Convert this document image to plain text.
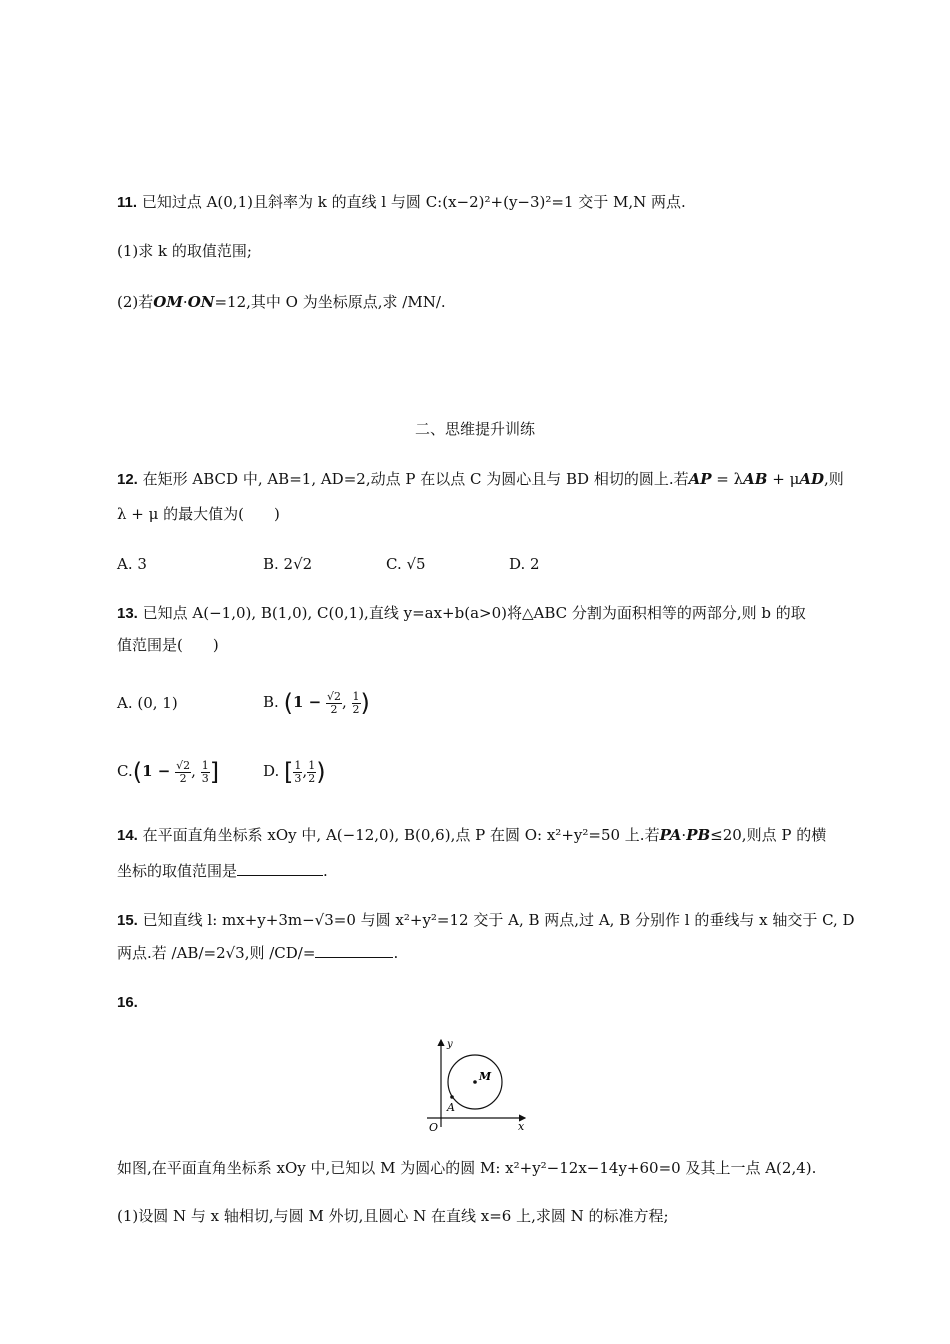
11. 已知过点 A(0,1)且斜率为 k 的直线 l 与圆 C:(x−2)²+(y−3)²=1 交于 M,N 两点.
(1)求 k 的取值范围;
(2)若OM·ON=12,其中 O 为坐标原点,求 /MN/.
二、思维提升训练
12. 在矩形 ABCD 中, AB=1, AD=2,动点 P 在以点 C 为圆心且与 BD 相切的圆上.若AP = λAB + μAD,则
λ + μ 的最大值为(　　)
A. 3	B. 2√2	C. √5	D. 2
13. 已知点 A(−1,0), B(1,0), C(0,1),直线 y=ax+b(a>0)将△ABC 分割为面积相等的两部分,则 b 的取
值范围是(　　)
A. (0, 1)	B. ($1 - \frac{√2}{2}$ , $\frac{1}{2}$ )
$C.(1 - \frac{√2}{2}$ , $\frac{1}{3}$ ]	D. [ $\frac{1}{3}$ , $\frac{1}{2}$ )
14. 在平面直角坐标系 xOy 中, A(−12,0), B(0,6),点 P 在圆 O: x²+y²=50 上.若PA·PB≤20,则点 P 的横
坐标的取值范围是	.
15. 已知直线 l: mx+y+3m−√3=0 与圆 x²+y²=12 交于 A, B 两点,过 A, B 分别作 l 的垂线与 x 轴交于 C, D
两点.若 /AB/=2√3,则 /CD/=	.
16.
y
x
O
M
A
如图,在平面直角坐标系 xOy 中,已知以 M 为圆心的圆 M: x²+y²−12x−14y+60=0 及其上一点 A(2,4).
(1)设圆 N 与 x 轴相切,与圆 M 外切,且圆心 N 在直线 x=6 上,求圆 N 的标准方程;
